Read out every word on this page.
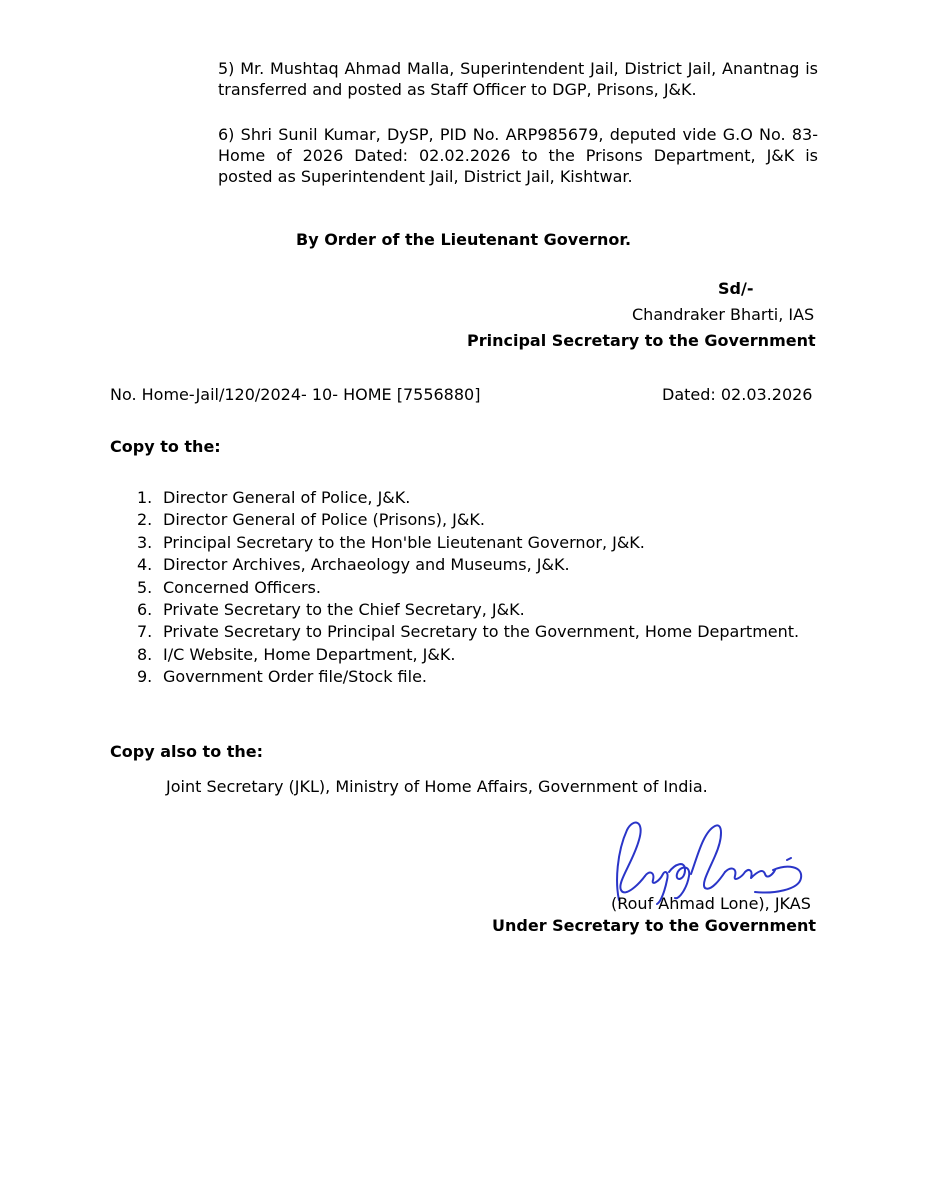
5) Mr. Mushtaq Ahmad Malla, Superintendent Jail, District Jail, Anantnag is transferred and posted as Staff Officer to DGP, Prisons, J&K.

6) Shri Sunil Kumar, DySP, PID No. ARP985679, deputed vide G.O No. 83-Home of 2026 Dated: 02.02.2026 to the Prisons Department, J&K is posted as Superintendent Jail, District Jail, Kishtwar.

By Order of the Lieutenant Governor.
Sd/-
Chandraker Bharti, IAS
Principal Secretary to the Government
No. Home-Jail/120/2024- 10- HOME [7556880]	Dated: 02.03.2026
Copy to the:
1. Director General of Police, J&K.
2. Director General of Police (Prisons), J&K.
3. Principal Secretary to the Hon'ble Lieutenant Governor, J&K.
4. Director Archives, Archaeology and Museums, J&K.
5. Concerned Officers.
6. Private Secretary to the Chief Secretary, J&K.
7. Private Secretary to Principal Secretary to the Government, Home Department.
8. I/C Website, Home Department, J&K.
9. Government Order file/Stock file.
Copy also to the:
Joint Secretary (JKL), Ministry of Home Affairs, Government of India.
(Rouf Ahmad Lone), JKAS
Under Secretary to the Government
